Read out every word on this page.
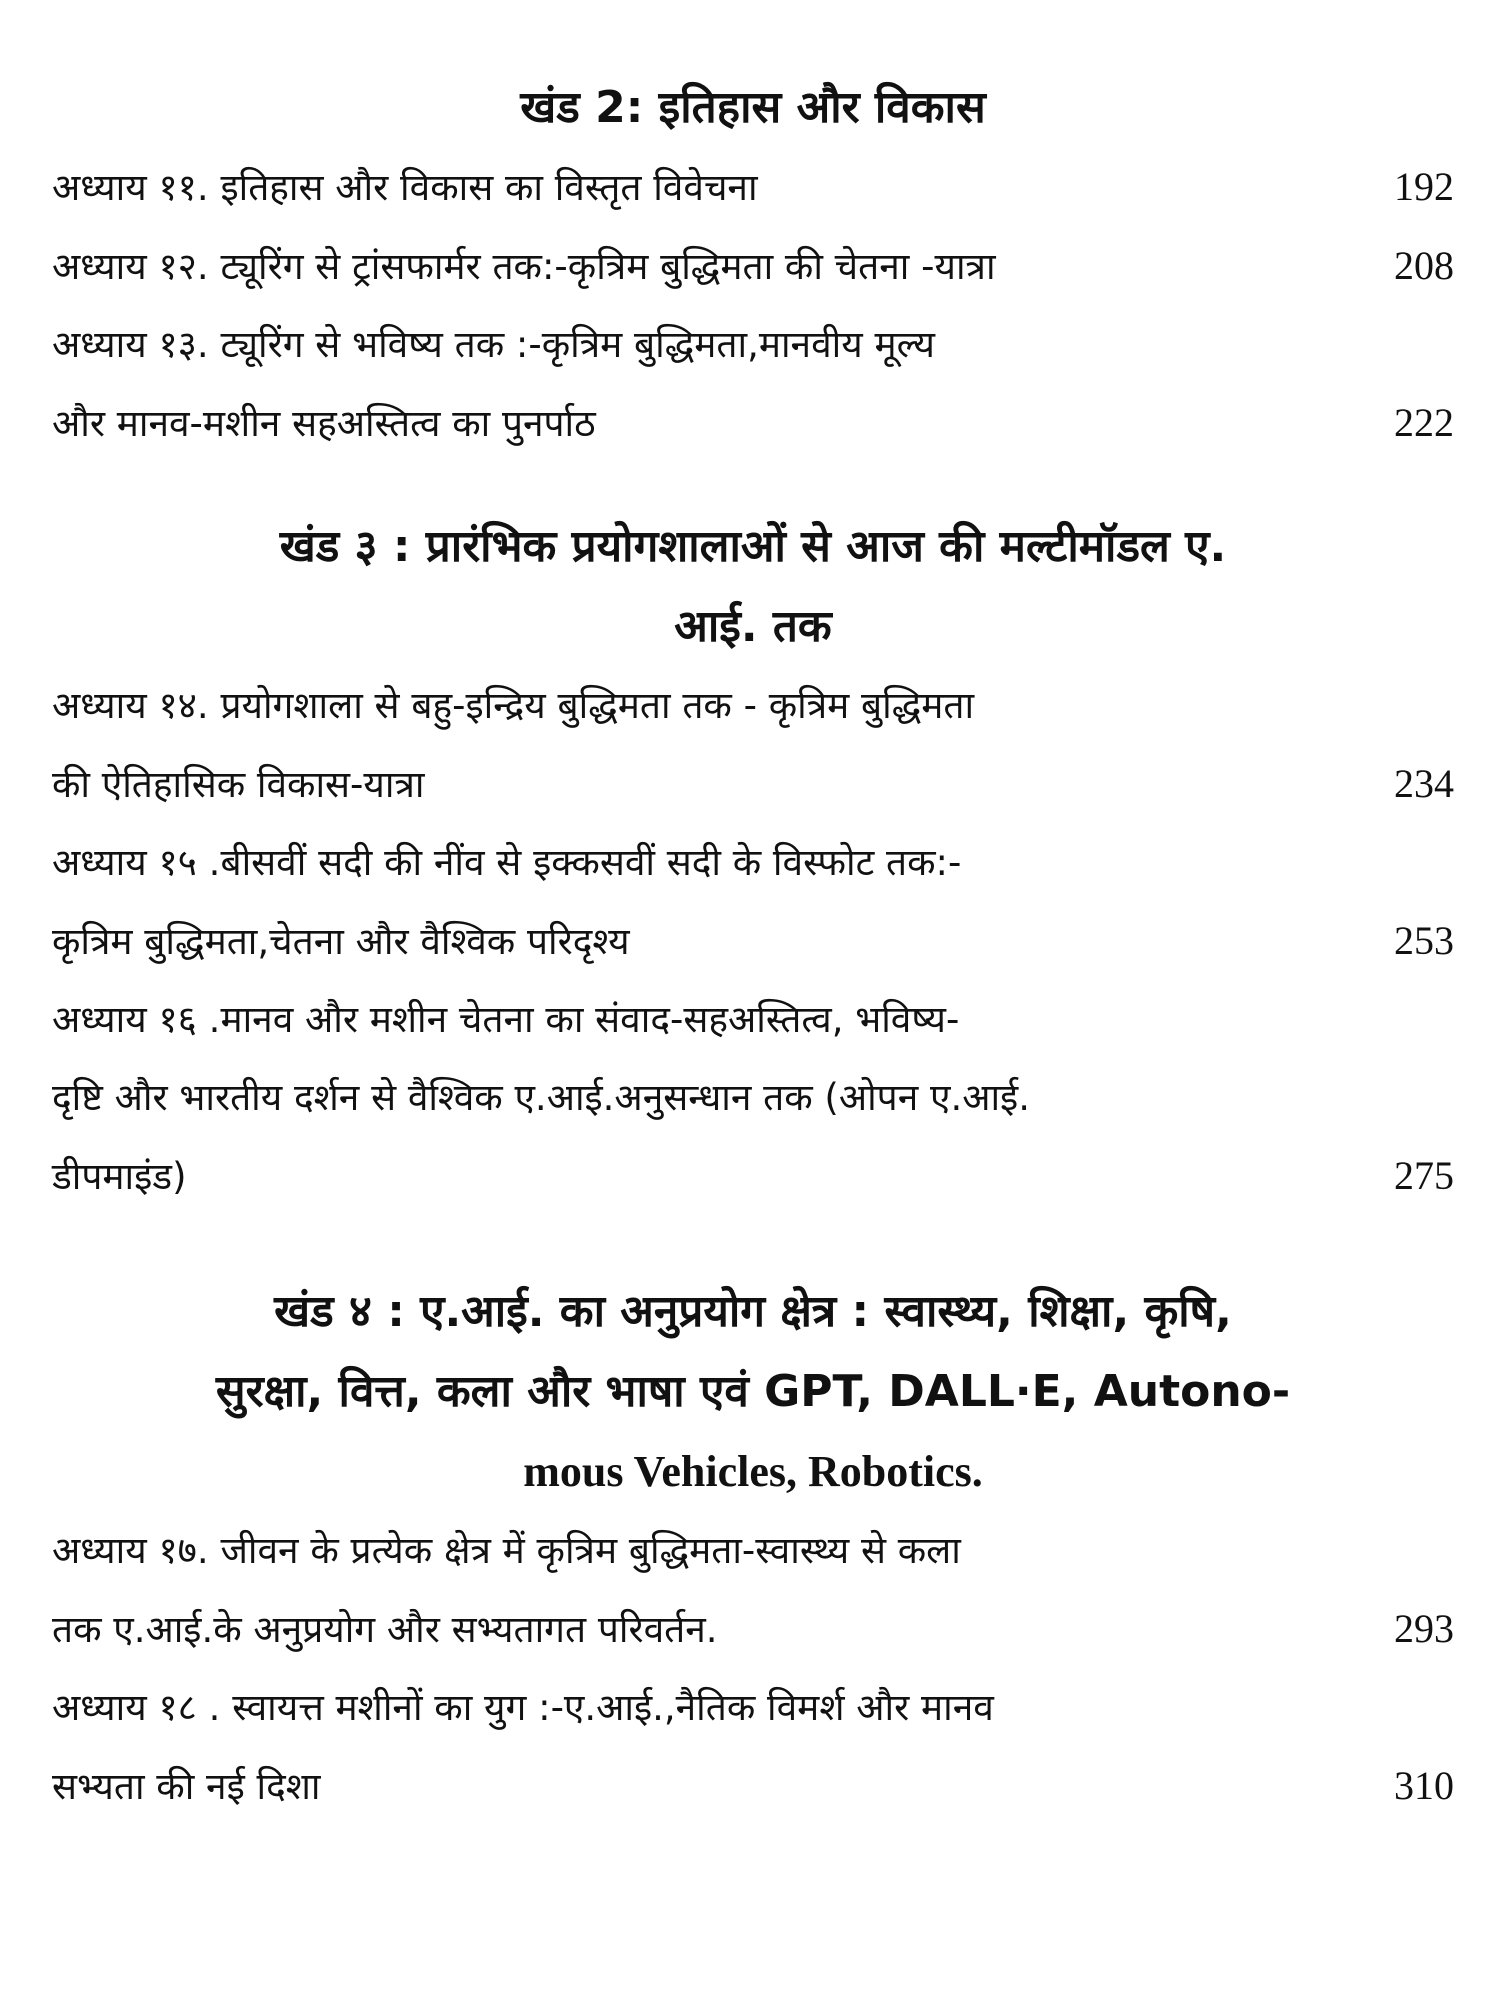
खंड 2: इतिहास और विकास
अध्याय ११. इतिहास और विकास का विस्तृत विवेचना	192
अध्याय १२. ट्यूरिंग से ट्रांसफार्मर तक:-कृत्रिम बुद्धिमता की चेतना -यात्रा	208
अध्याय १३. ट्यूरिंग से भविष्य तक :-कृत्रिम बुद्धिमता,मानवीय मूल्य
और मानव-मशीन सहअस्तित्व का पुनर्पाठ	222
खंड ३ : प्रारंभिक प्रयोगशालाओं से आज की मल्टीमॉडल ए.
आई. तक
अध्याय १४. प्रयोगशाला से बहु-इन्द्रिय बुद्धिमता तक - कृत्रिम बुद्धिमता
की ऐतिहासिक विकास-यात्रा	234
अध्याय १५ .बीसवीं सदी की नींव से इक्कसवीं सदी के विस्फोट तक:-
कृत्रिम बुद्धिमता,चेतना और वैश्विक परिदृश्य	253
अध्याय १६ .मानव और मशीन चेतना का संवाद-सहअस्तित्व, भविष्य-
दृष्टि और भारतीय दर्शन से वैश्विक ए.आई.अनुसन्धान तक (ओपन ए.आई.
डीपमाइंड)	275
खंड ४ : ए.आई. का अनुप्रयोग क्षेत्र : स्वास्थ्य, शिक्षा, कृषि,
सुरक्षा, वित्त, कला और भाषा एवं GPT, DALL·E, Autono-
mous Vehicles, Robotics.
अध्याय १७. जीवन के प्रत्येक क्षेत्र में कृत्रिम बुद्धिमता-स्वास्थ्य से कला
तक ए.आई.के अनुप्रयोग और सभ्यतागत परिवर्तन.	293
अध्याय १८ . स्वायत्त मशीनों का युग :-ए.आई.,नैतिक विमर्श और मानव
सभ्यता की नई दिशा	310
